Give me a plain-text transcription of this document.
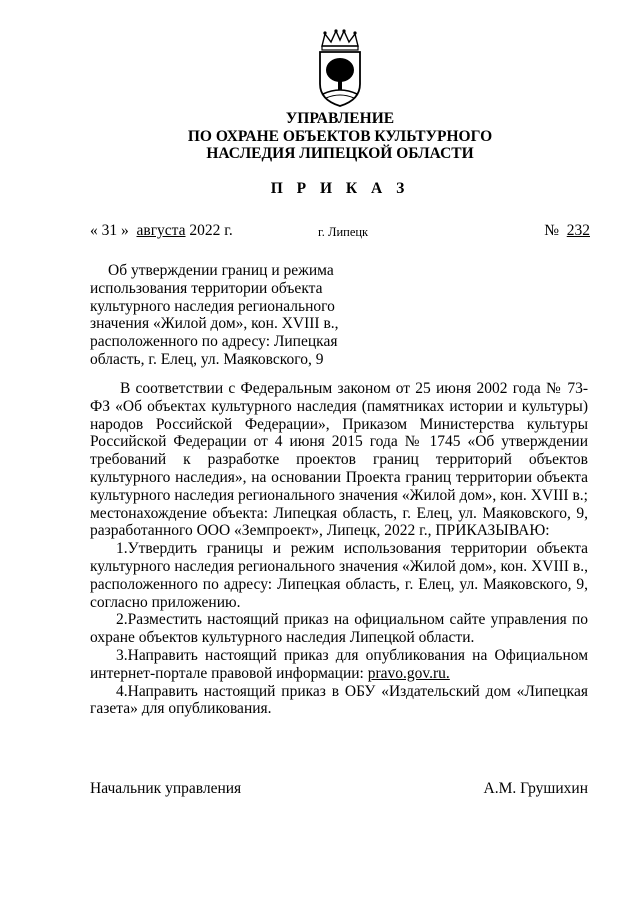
УПРАВЛЕНИЕ
ПО ОХРАНЕ ОБЪЕКТОВ КУЛЬТУРНОГО
НАСЛЕДИЯ ЛИПЕЦКОЙ ОБЛАСТИ
П Р И К А З
« 31 » августа 2022 г.	г. Липецк	№ 232
Об утверждении границ и режима
использования территории объекта
культурного наследия регионального
значения «Жилой дом», кон. XVIII в.,
расположенного по адресу: Липецкая
область, г. Елец, ул. Маяковского, 9

В соответствии с Федеральным законом от 25 июня 2002 года № 73-ФЗ «Об объектах культурного наследия (памятниках истории и культуры) народов Российской Федерации», Приказом Министерства культуры Российской Федерации от 4 июня 2015 года № 1745 «Об утверждении требований к разработке проектов границ территорий объектов культурного наследия», на основании Проекта границ территории объекта культурного наследия регионального значения «Жилой дом», кон. XVIII в.; местонахождение объекта: Липецкая область, г. Елец, ул. Маяковского, 9, разработанного ООО «Земпроект», Липецк, 2022 г., ПРИКАЗЫВАЮ:

1.Утвердить границы и режим использования территории объекта культурного наследия регионального значения «Жилой дом», кон. XVIII в., расположенного по адресу: Липецкая область, г. Елец, ул. Маяковского, 9, согласно приложению.

2.Разместить настоящий приказ на официальном сайте управления по охране объектов культурного наследия Липецкой области.

3.Направить настоящий приказ для опубликования на Официальном интернет-портале правовой информации: pravo.gov.ru.

4.Направить настоящий приказ в ОБУ «Издательский дом «Липецкая газета» для опубликования.

Начальник управления	А.М. Грушихин
